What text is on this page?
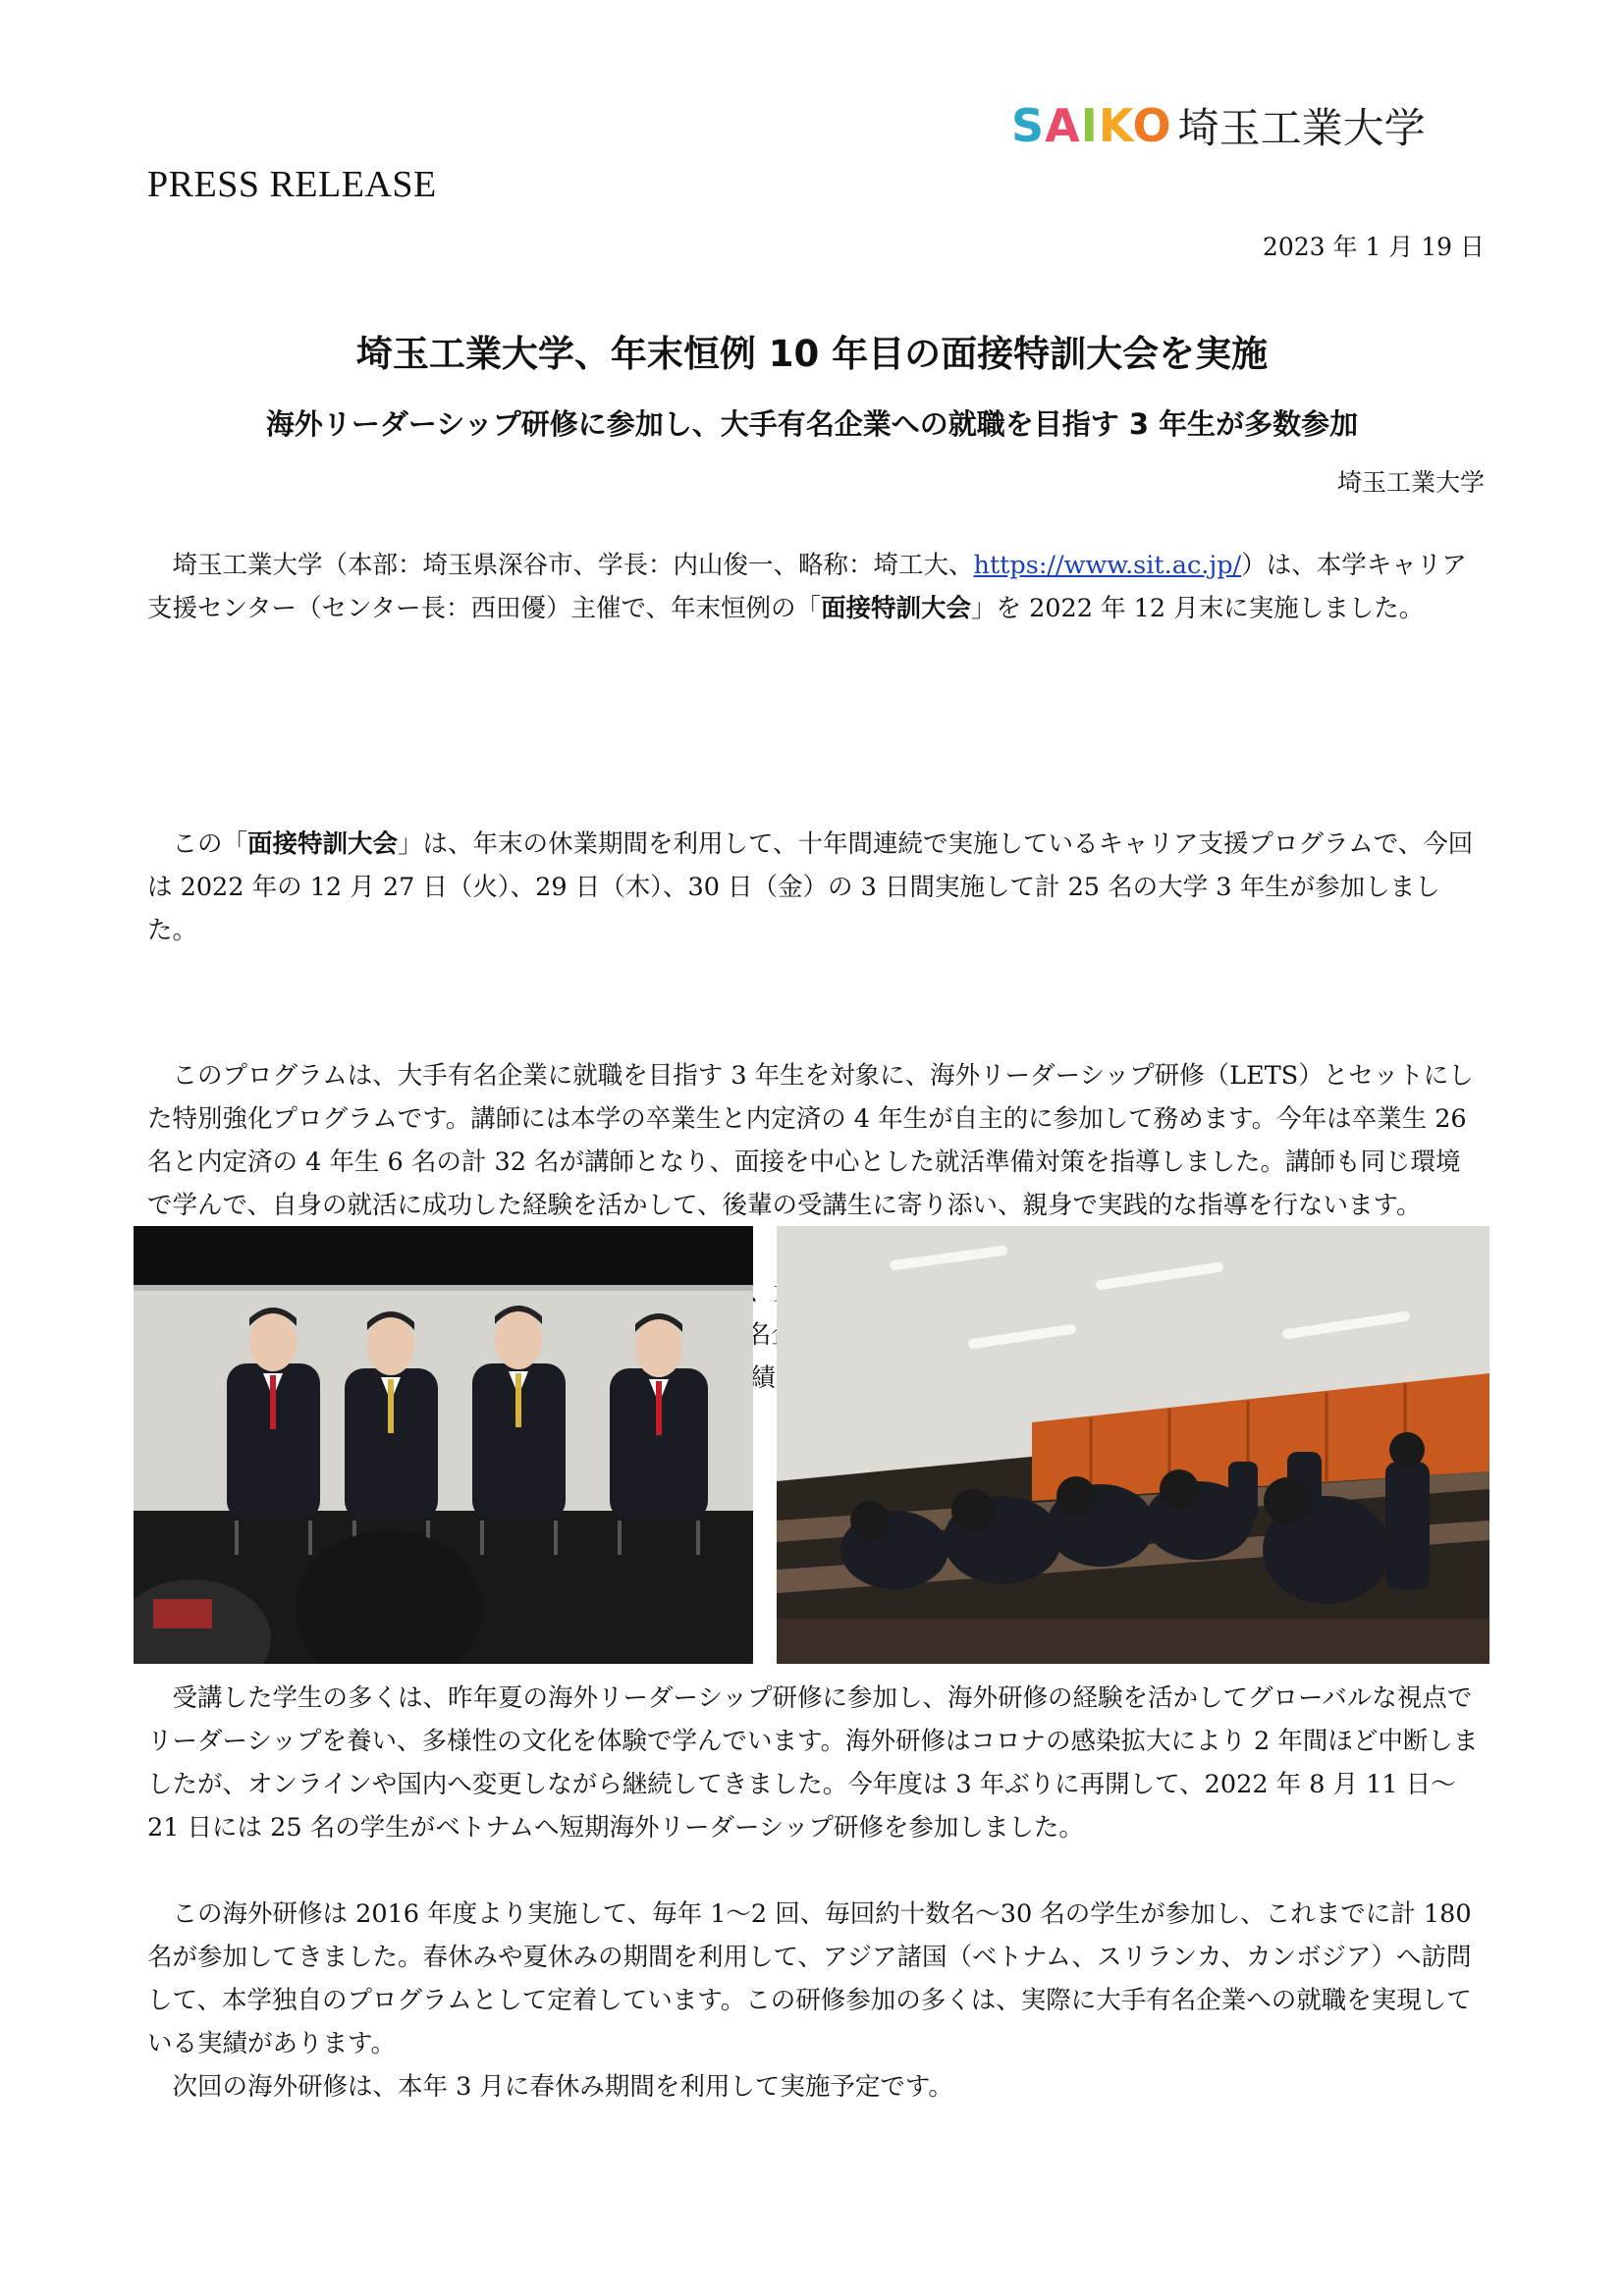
SAIKO 埼玉工業大学
PRESS RELEASE
2023 年 1 月 19 日
埼玉工業大学、年末恒例 10 年目の面接特訓大会を実施
海外リーダーシップ研修に参加し、大手有名企業への就職を目指す 3 年生が多数参加
埼玉工業大学

埼玉工業大学（本部：埼玉県深谷市、学長：内山俊一、略称：埼工大、https://www.sit.ac.jp/）は、本学キャリア支援センター（センター長：西田優）主催で、年末恒例の「面接特訓大会」を 2022 年 12 月末に実施しました。

この「面接特訓大会」は、年末の休業期間を利用して、十年間連続で実施しているキャリア支援プログラムで、今回は 2022 年の 12 月 27 日（火）、29 日（木）、30 日（金）の 3 日間実施して計 25 名の大学 3 年生が参加しました。

このプログラムは、大手有名企業に就職を目指す 3 年生を対象に、海外リーダーシップ研修（LETS）とセットにした特別強化プログラムです。講師には本学の卒業生と内定済の 4 年生が自主的に参加して務めます。今年は卒業生 26 名と内定済の 4 年生 6 名の計 32 名が講師となり、面接を中心とした就活準備対策を指導しました。講師も同じ環境で学んで、自身の就活に成功した経験を活かして、後輩の受講生に寄り添い、親身で実践的な指導を行ないます。

受講した学生の多くは、昨年夏の海外リーダーシップ研修に参加し、海外研修の経験を活かしてグローバルな視点でリーダーシップを養い、多様性の文化を体験で学んでいます。海外研修はコロナの感染拡大により 2 年間ほど中断しましたが、オンラインや国内へ変更しながら継続してきました。今年度は 3 年ぶりに再開して、2022 年 8 月 11 日～21 日には 25 名の学生がベトナムへ短期海外リーダーシップ研修を参加しました。

この海外研修は 2016 年度より実施して、毎年 1～2 回、毎回約十数名～30 名の学生が参加し、これまでに計 180 名が参加してきました。春休みや夏休みの期間を利用して、アジア諸国（ベトナム、スリランカ、カンボジア）へ訪問して、本学独自のプログラムとして定着しています。この研修参加の多くは、実際に大手有名企業への就職を実現している実績があります。

次回の海外研修は、本年 3 月に春休み期間を利用して実施予定です。
